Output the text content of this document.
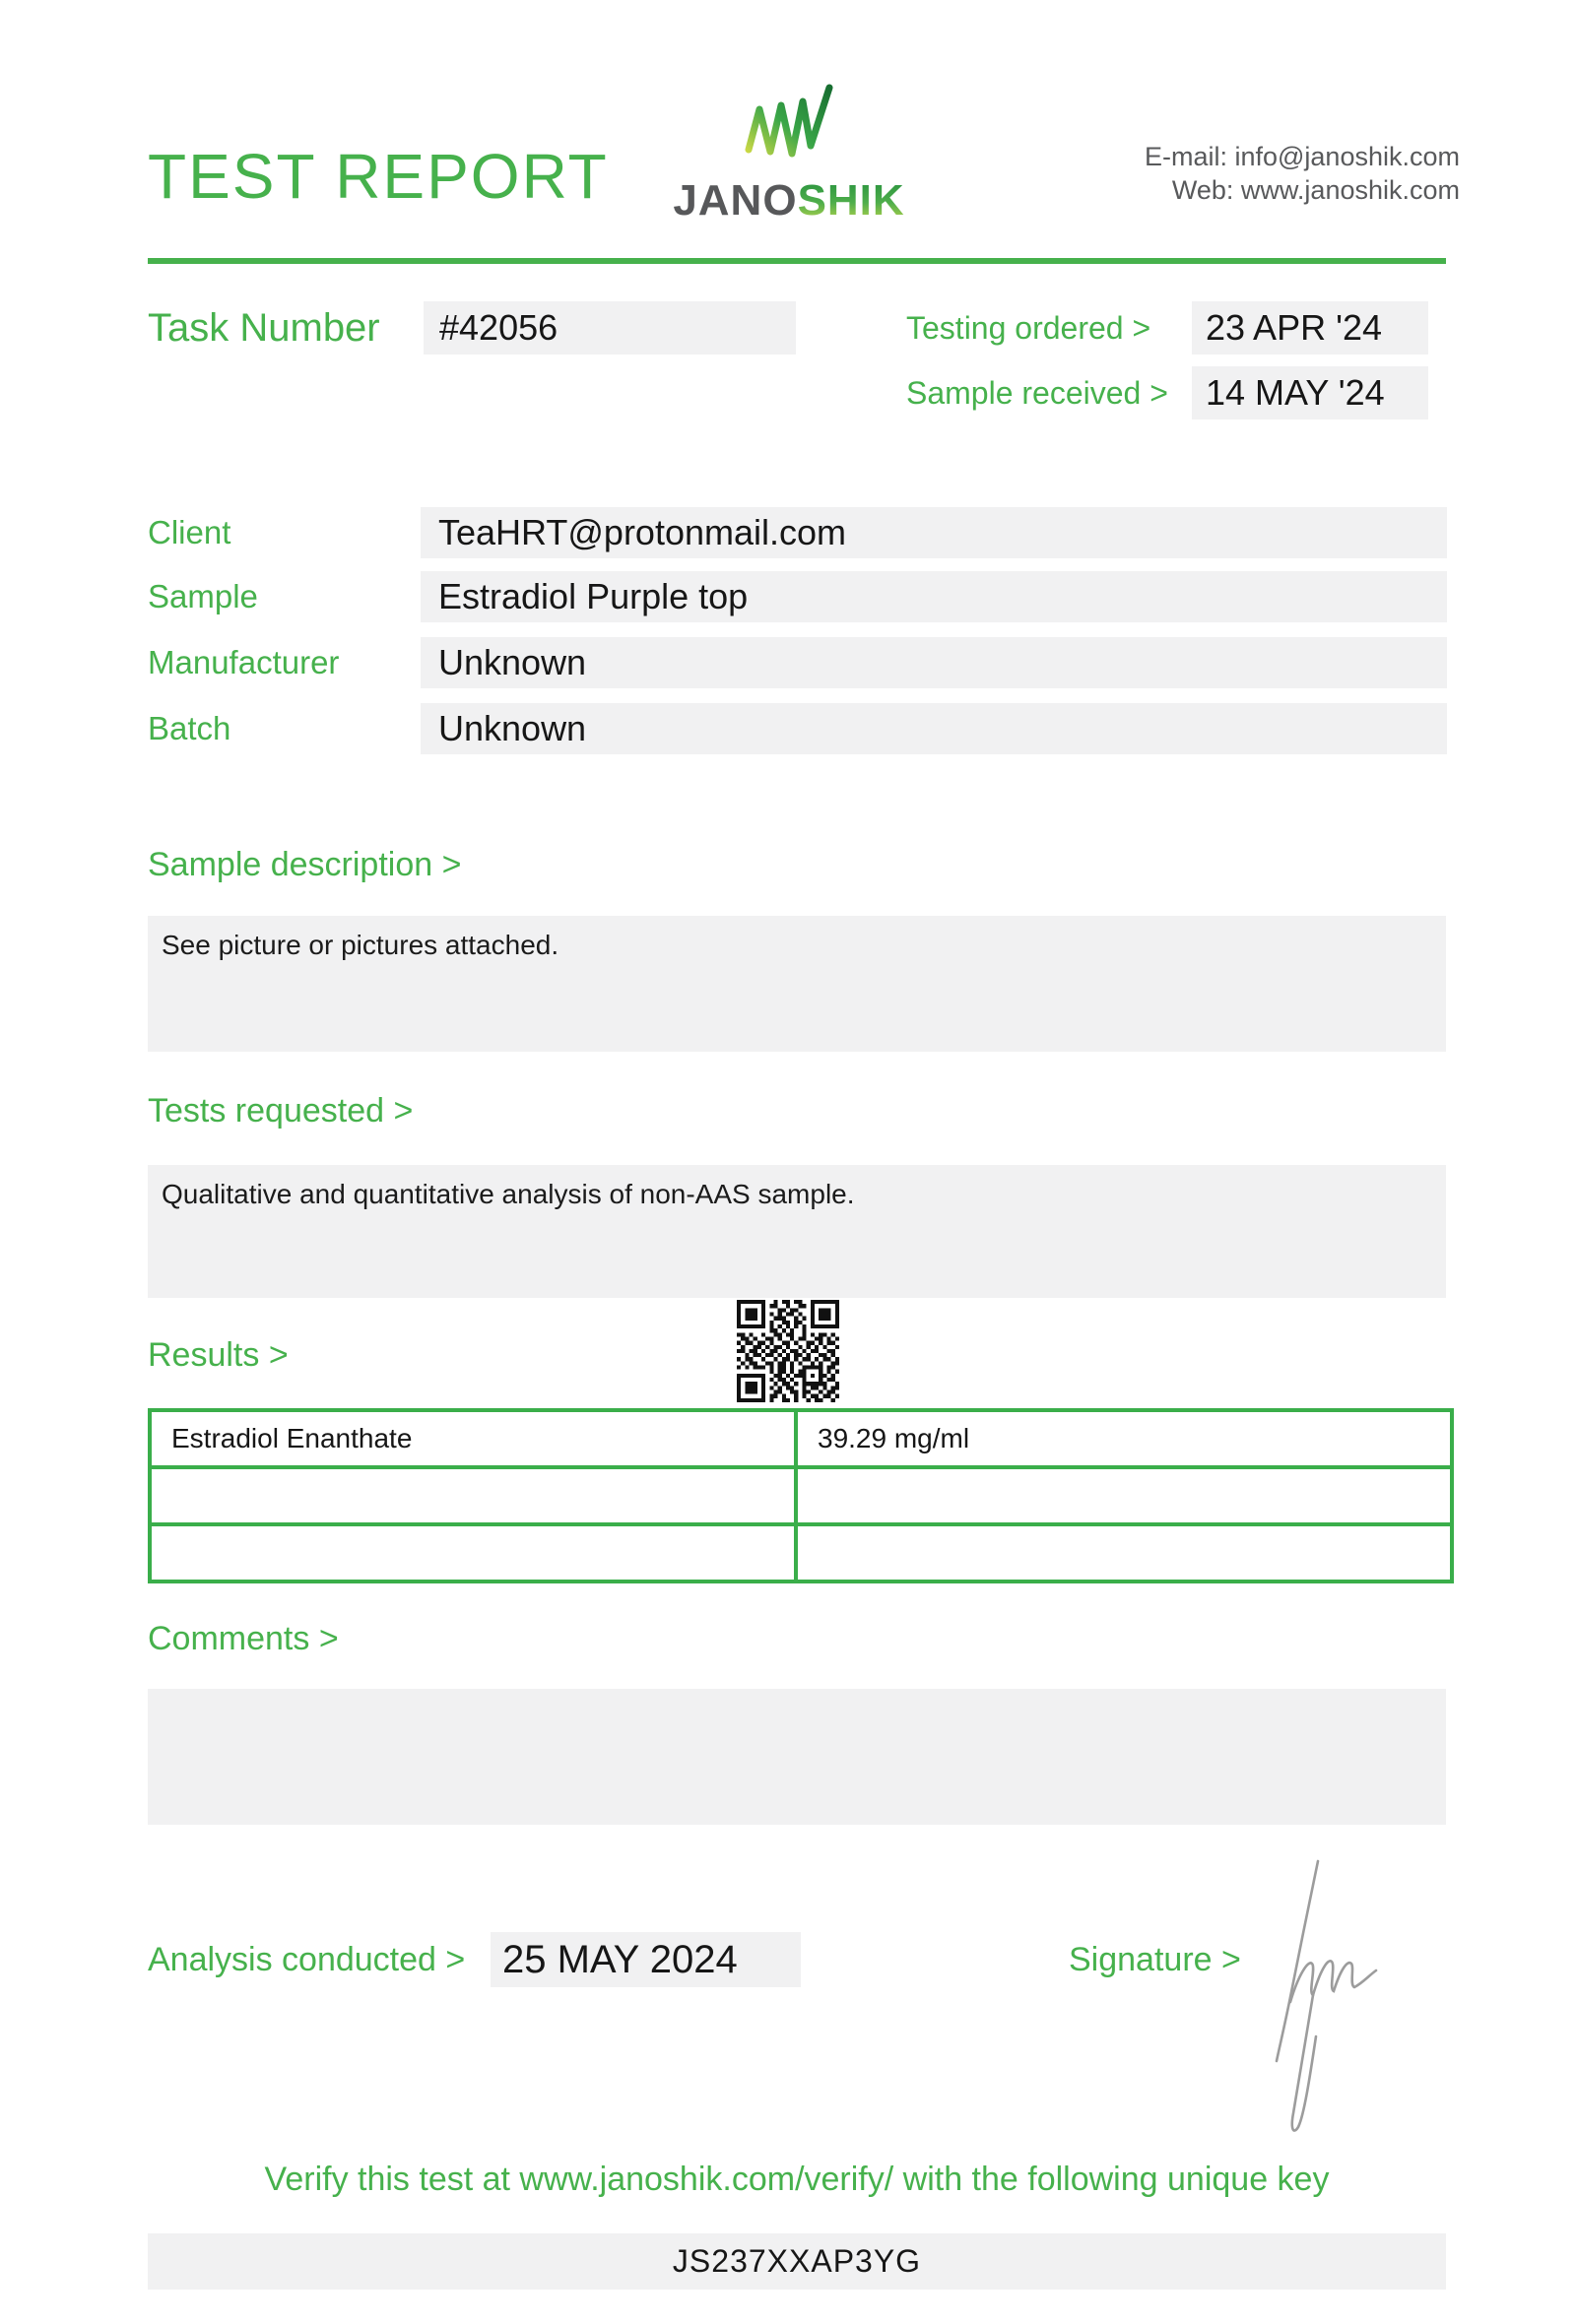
TEST REPORT	JANOSHIK
E-mail: info@janoshik.com
Web: www.janoshik.com
Task Number	#42056	Testing ordered >	23 APR '24
Sample received >	14 MAY '24
Client	TeaHRT@protonmail.com
Sample	Estradiol Purple top
Manufacturer	Unknown
Batch	Unknown
Sample description >
See picture or pictures attached.
Tests requested >
Qualitative and quantitative analysis of non-AAS sample.
Results >
Estradiol Enanthate	39.29 mg/ml
Comments >
Analysis conducted > 25 MAY 2024	Signature >
Verify this test at www.janoshik.com/verify/ with the following unique key
JS237XXAP3YG
